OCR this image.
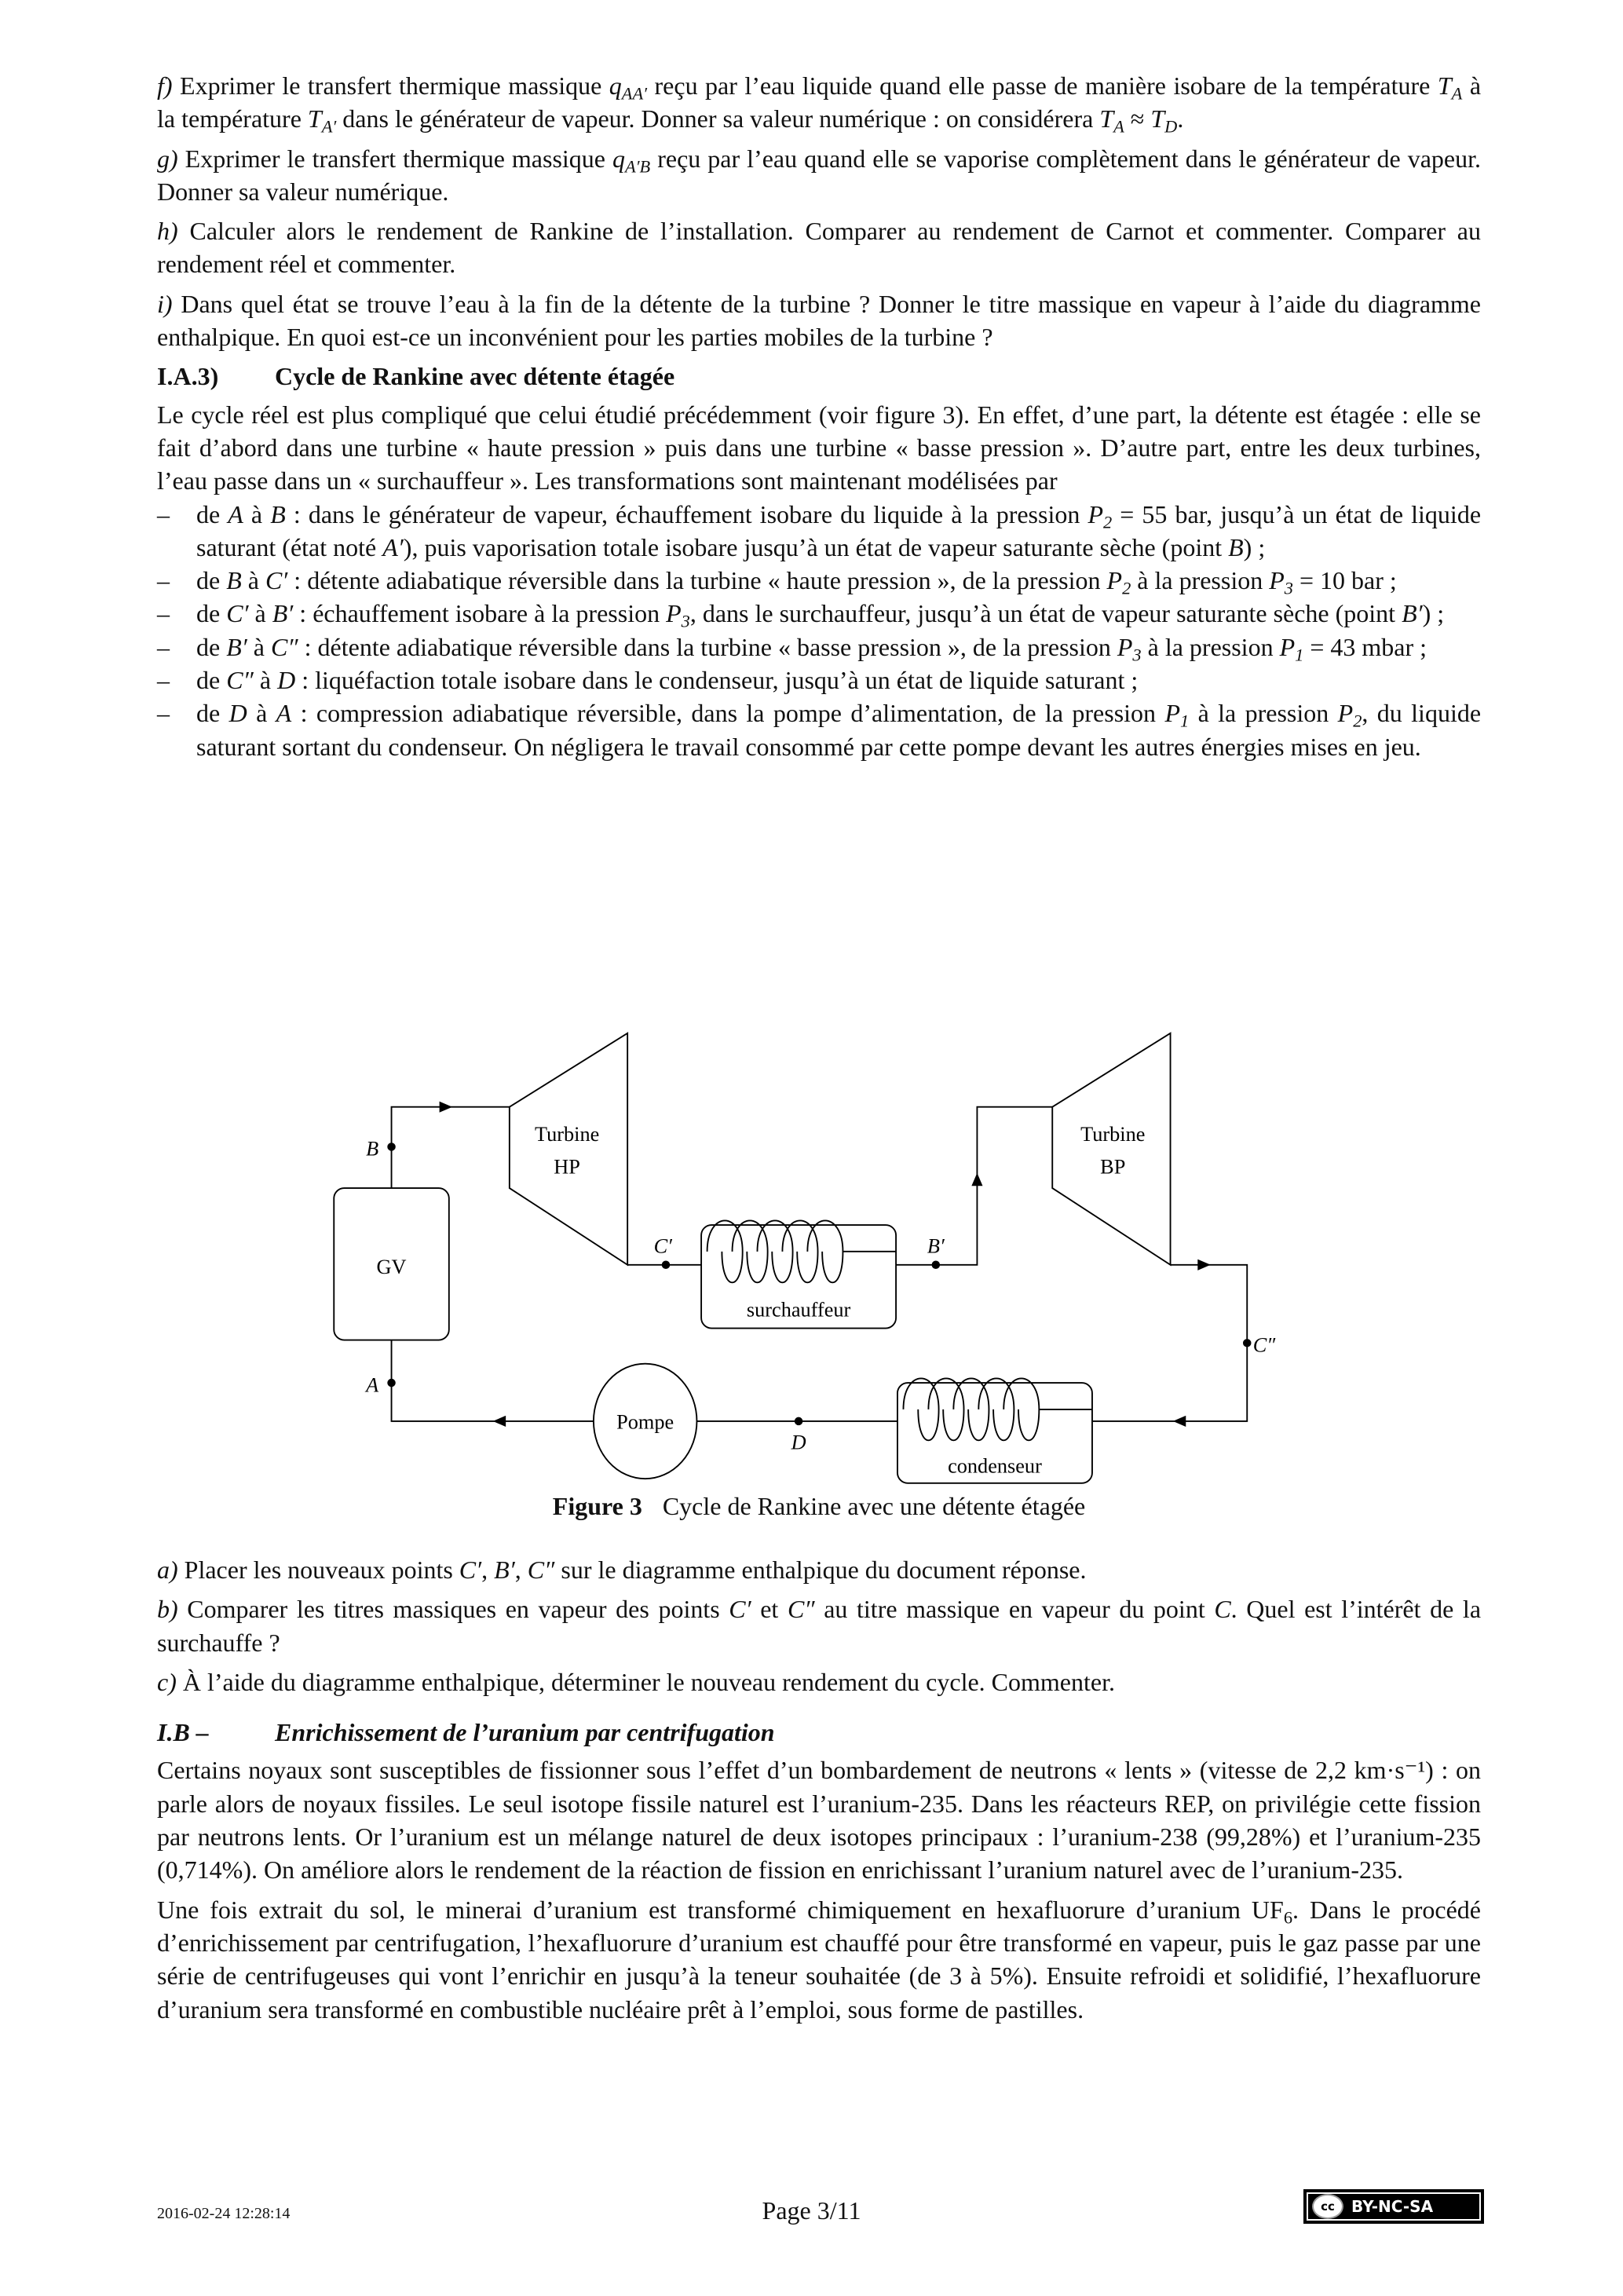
f) Exprimer le transfert thermique massique $q_{AA'}$ reçu par l’eau liquide quand elle passe de manière isobare de la température $T_A$ à la température $T_{A'}$ dans le générateur de vapeur. Donner sa valeur numérique : on considérera $T_A \approx T_D$.

g) Exprimer le transfert thermique massique $q_{A'B}$ reçu par l’eau quand elle se vaporise complètement dans le générateur de vapeur. Donner sa valeur numérique.

h) Calculer alors le rendement de Rankine de l’installation. Comparer au rendement de Carnot et commenter. Comparer au rendement réel et commenter.

i) Dans quel état se trouve l’eau à la fin de la détente de la turbine ? Donner le titre massique en vapeur à l’aide du diagramme enthalpique. En quoi est-ce un inconvénient pour les parties mobiles de la turbine ?

I.A.3) Cycle de Rankine avec détente étagée

Le cycle réel est plus compliqué que celui étudié précédemment (voir figure 3). En effet, d’une part, la détente est étagée : elle se fait d’abord dans une turbine « haute pression » puis dans une turbine « basse pression ». D’autre part, entre les deux turbines, l’eau passe dans un « surchauffeur ». Les transformations sont maintenant modélisées par

– de A à B : dans le générateur de vapeur, échauffement isobare du liquide à la pression $P_2 = 55$ bar, jusqu’à un état de liquide saturant (état noté A′), puis vaporisation totale isobare jusqu’à un état de vapeur saturante sèche (point B) ;
– de B à C′ : détente adiabatique réversible dans la turbine « haute pression », de la pression $P_2$ à la pression $P_3 = 10$ bar ;
– de C′ à B′ : échauffement isobare à la pression $P_3$, dans le surchauffeur, jusqu’à un état de vapeur saturante sèche (point B′) ;
– de B′ à C″ : détente adiabatique réversible dans la turbine « basse pression », de la pression $P_3$ à la pression $P_1 = 43$ mbar ;
– de C″ à D : liquéfaction totale isobare dans le condenseur, jusqu’à un état de liquide saturant ;
– de D à A : compression adiabatique réversible, dans la pompe d’alimentation, de la pression $P_1$ à la pression $P_2$, du liquide saturant sortant du condenseur. On négligera le travail consommé par cette pompe devant les autres énergies mises en jeu.
GV
B
Turbine
HP
C′
surchauffeur
B′
Turbine
BP
C″
condenseur
D
Pompe
A
Figure 3 Cycle de Rankine avec une détente étagée

a) Placer les nouveaux points C′, B′, C″ sur le diagramme enthalpique du document réponse.

b) Comparer les titres massiques en vapeur des points C′ et C″ au titre massique en vapeur du point C. Quel est l’intérêt de la surchauffe ?

c) À l’aide du diagramme enthalpique, déterminer le nouveau rendement du cycle. Commenter.

I.B –	Enrichissement de l’uranium par centrifugation

Certains noyaux sont susceptibles de fissionner sous l’effet d’un bombardement de neutrons « lents » (vitesse de 2,2 km·s⁻¹) : on parle alors de noyaux fissiles. Le seul isotope fissile naturel est l’uranium-235. Dans les réacteurs REP, on privilégie cette fission par neutrons lents. Or l’uranium est un mélange naturel de deux isotopes principaux : l’uranium-238 (99,28%) et l’uranium-235 (0,714%). On améliore alors le rendement de la réaction de fission en enrichissant l’uranium naturel avec de l’uranium-235.

Une fois extrait du sol, le minerai d’uranium est transformé chimiquement en hexafluorure d’uranium $UF_6$. Dans le procédé d’enrichissement par centrifugation, l’hexafluorure d’uranium est chauffé pour être transformé en vapeur, puis le gaz passe par une série de centrifugeuses qui vont l’enrichir en jusqu’à la teneur souhaitée (de 3 à 5%). Ensuite refroidi et solidifié, l’hexafluorure d’uranium sera transformé en combustible nucléaire prêt à l’emploi, sous forme de pastilles.

2016-02-24 12:28:14	Page 3/11	cc	BY-NC-SA
